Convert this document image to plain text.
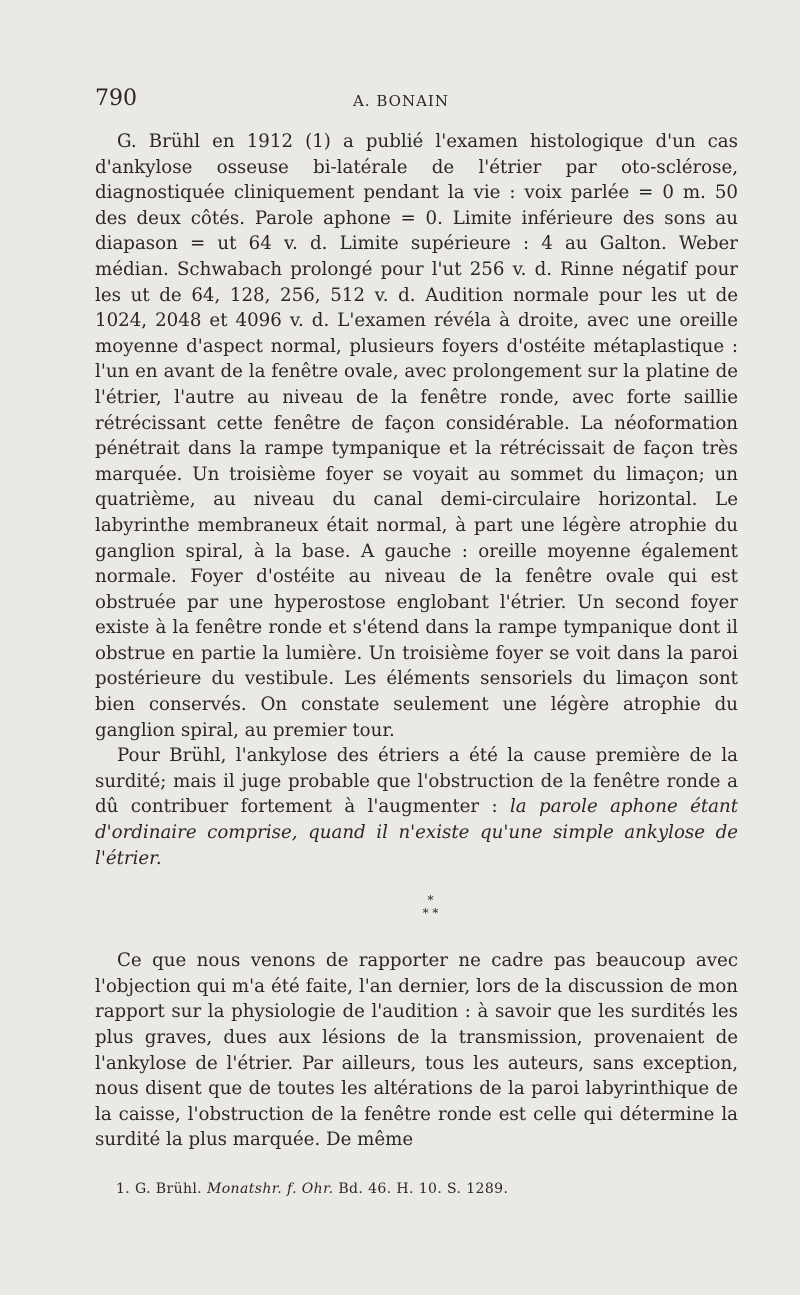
790	A. BONAIN

G. Brühl en 1912 (1) a publié l'examen histologique d'un cas d'ankylose osseuse bi-latérale de l'étrier par oto-sclérose, diagnostiquée cliniquement pendant la vie : voix parlée = 0 m. 50 des deux côtés. Parole aphone = 0. Limite inférieure des sons au diapason = ut 64 v. d. Limite supérieure : 4 au Galton. Weber médian. Schwabach prolongé pour l'ut 256 v. d. Rinne négatif pour les ut de 64, 128, 256, 512 v. d. Audition normale pour les ut de 1024, 2048 et 4096 v. d. L'examen révéla à droite, avec une oreille moyenne d'aspect normal, plusieurs foyers d'ostéite métaplastique : l'un en avant de la fenêtre ovale, avec prolongement sur la platine de l'étrier, l'autre au niveau de la fenêtre ronde, avec forte saillie rétrécissant cette fenêtre de façon considérable. La néoformation pénétrait dans la rampe tympanique et la rétrécissait de façon très marquée. Un troisième foyer se voyait au sommet du limaçon; un quatrième, au niveau du canal demi-circulaire horizontal. Le labyrinthe membraneux était normal, à part une légère atrophie du ganglion spiral, à la base. A gauche : oreille moyenne également normale. Foyer d'ostéite au niveau de la fenêtre ovale qui est obstruée par une hyperostose englobant l'étrier. Un second foyer existe à la fenêtre ronde et s'étend dans la rampe tympanique dont il obstrue en partie la lumière. Un troisième foyer se voit dans la paroi postérieure du vestibule. Les éléments sensoriels du limaçon sont bien conservés. On constate seulement une légère atrophie du ganglion spiral, au premier tour.

Pour Brühl, l'ankylose des étriers a été la cause première de la surdité; mais il juge probable que l'obstruction de la fenêtre ronde a dû contribuer fortement à l'augmenter : la parole aphone étant d'ordinaire comprise, quand il n'existe qu'une simple ankylose de l'étrier.

*
* *

Ce que nous venons de rapporter ne cadre pas beaucoup avec l'objection qui m'a été faite, l'an dernier, lors de la discussion de mon rapport sur la physiologie de l'audition : à savoir que les surdités les plus graves, dues aux lésions de la transmission, provenaient de l'ankylose de l'étrier. Par ailleurs, tous les auteurs, sans exception, nous disent que de toutes les altérations de la paroi labyrinthique de la caisse, l'obstruction de la fenêtre ronde est celle qui détermine la surdité la plus marquée. De même

1. G. Brühl. Monatshr. f. Ohr. Bd. 46. H. 10. S. 1289.
